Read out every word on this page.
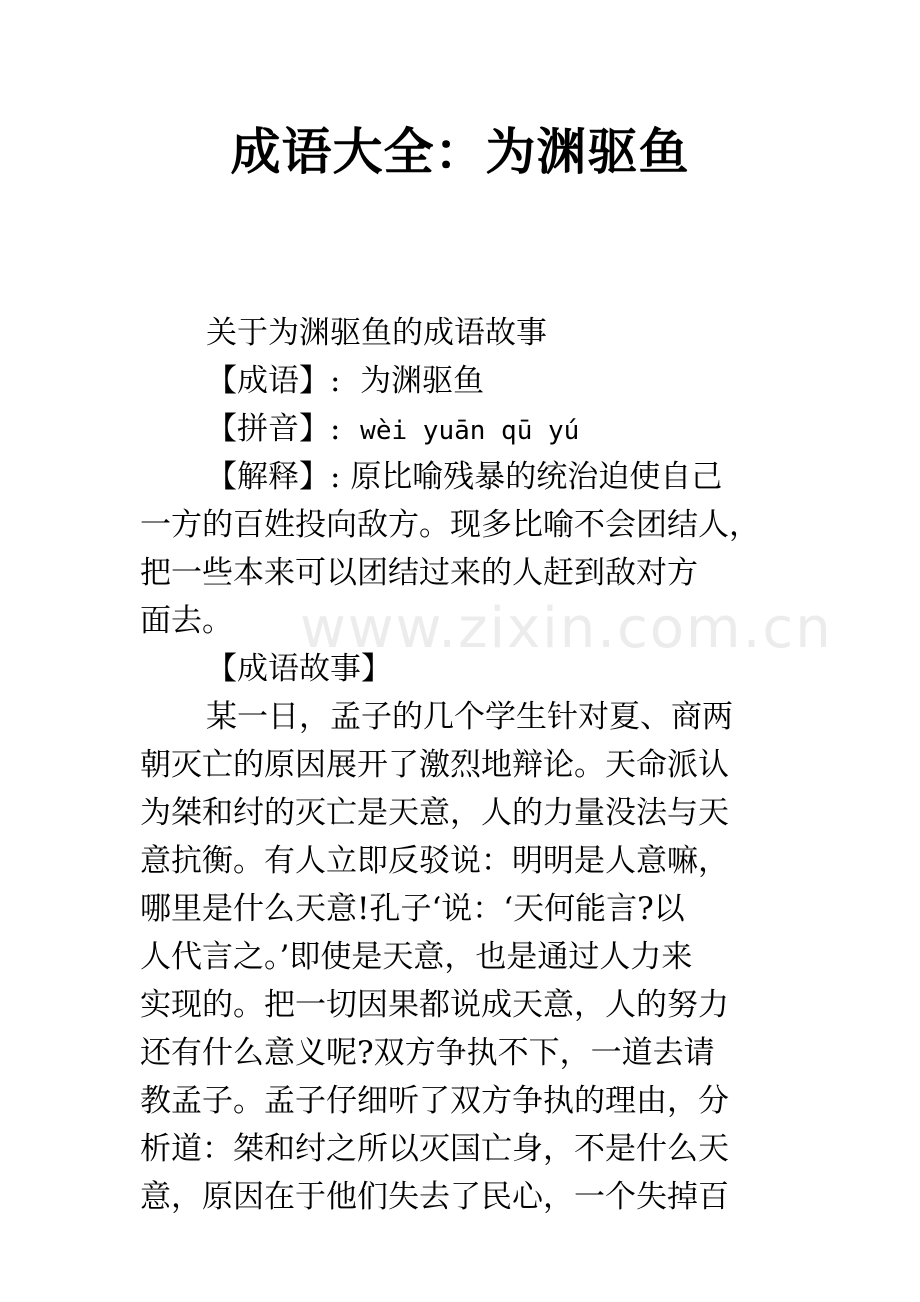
www.zixin.com.cn
成语大全：为渊驱鱼
关于为渊驱鱼的成语故事
【成语】: 为渊驱鱼
【拼音】: wèi yuān qū yú
【解释】: 原比喻残暴的统治迫使自己
一方的百姓投向敌方。现多比喻不会团结人，
把一些本来可以团结过来的人赶到敌对方
面去。
【成语故事】
某一日，孟子的几个学生针对夏、商两
朝灭亡的原因展开了激烈地辩论。天命派认
为桀和纣的灭亡是天意，人的力量没法与天
意抗衡。有人立即反驳说：明明是人意嘛，
哪里是什么天意!孔子‘说：‘天何能言?以
人代言之。’即使是天意，也是通过人力来
实现的。把一切因果都说成天意，人的努力
还有什么意义呢?双方争执不下，一道去请
教孟子。孟子仔细听了双方争执的理由，分
析道：桀和纣之所以灭国亡身，不是什么天
意，原因在于他们失去了民心，一个失掉百
